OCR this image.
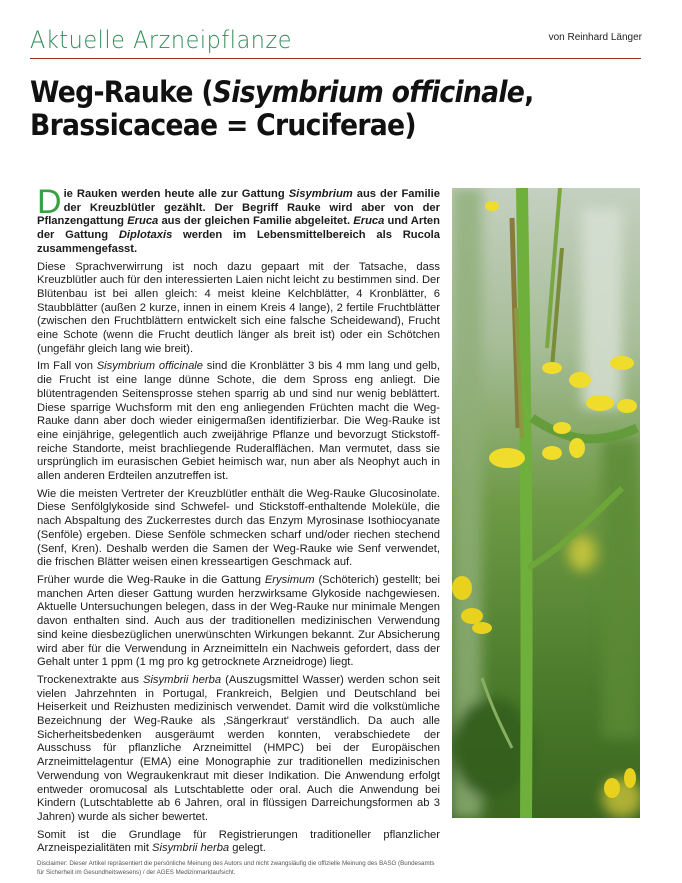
Aktuelle Arzneipflanze	von Reinhard Länger
Weg-Rauke (Sisymbrium officinale,
Brassicaceae = Cruciferae)

Die Rauken werden heute alle zur Gattung Sisymbrium aus der Familie der Kreuzblütler gezählt. Der Begriff Rauke wird aber von der Pflanzengattung Eruca aus der gleichen Familie abgeleitet. Eruca und Arten der Gattung Diplotaxis werden im Lebensmittelbereich als Rucola zusammengefasst.

Diese Sprachverwirrung ist noch dazu gepaart mit der Tatsache, dass Kreuzblütler auch für den interessierten Laien nicht leicht zu bestimmen sind. Der Blütenbau ist bei allen gleich: 4 meist kleine Kelchblätter, 4 Kronblätter, 6 Staubblätter (außen 2 kurze, innen in einem Kreis 4 lange), 2 fertile Fruchtblätter (zwischen den Fruchtblättern entwickelt sich eine falsche Scheidewand), Frucht eine Schote (wenn die Frucht deutlich länger als breit ist) oder ein Schötchen (ungefähr gleich lang wie breit).

Im Fall von Sisymbrium officinale sind die Kronblätter 3 bis 4 mm lang und gelb, die Frucht ist eine lange dünne Schote, die dem Spross eng anliegt. Die blütentragenden Seitensprosse stehen sparrig ab und sind nur wenig beblättert. Diese sparrige Wuchsform mit den eng anliegenden Früchten macht die Weg-Rauke dann aber doch wieder einigermaßen identifizierbar. Die Weg-Rauke ist eine einjährige, gelegentlich auch zweijährige Pflanze und bevorzugt Stickstoff-reiche Standorte, meist brachliegende Ruderalflächen. Man vermutet, dass sie ursprünglich im eurasischen Gebiet heimisch war, nun aber als Neophyt auch in allen anderen Erdteilen anzutreffen ist.

Wie die meisten Vertreter der Kreuzblütler enthält die Weg-Rauke Glucosinolate. Diese Senfölglykoside sind Schwefel- und Stickstoff-enthaltende Moleküle, die nach Abspaltung des Zuckerrestes durch das Enzym Myrosinase Isothiocyanate (Senföle) ergeben. Diese Senföle schmecken scharf und/oder riechen stechend (Senf, Kren). Deshalb werden die Samen der Weg-Rauke wie Senf verwendet, die frischen Blätter weisen einen kresseartigen Geschmack auf.

Früher wurde die Weg-Rauke in die Gattung Erysimum (Schöterich) gestellt; bei manchen Arten dieser Gattung wurden herzwirksame Glykoside nachgewiesen. Aktuelle Untersuchungen belegen, dass in der Weg-Rauke nur minimale Mengen davon enthalten sind. Auch aus der traditionellen medizinischen Verwendung sind keine diesbezüglichen unerwünschten Wirkungen bekannt. Zur Absicherung wird aber für die Verwendung in Arzneimitteln ein Nachweis gefordert, dass der Gehalt unter 1 ppm (1 mg pro kg getrocknete Arzneidroge) liegt.

Trockenextrakte aus Sisymbrii herba (Auszugsmittel Wasser) werden schon seit vielen Jahrzehnten in Portugal, Frankreich, Belgien und Deutschland bei Heiserkeit und Reizhusten medizinisch verwendet. Damit wird die volkstümliche Bezeichnung der Weg-Rauke als ‚Sängerkraut' verständlich. Da auch alle Sicherheitsbedenken ausgeräumt werden konnten, verabschiedete der Ausschuss für pflanzliche Arzneimittel (HMPC) bei der Europäischen Arzneimittelagentur (EMA) eine Monographie zur traditionellen medizinischen Verwendung von Wegraukenkraut mit dieser Indikation. Die Anwendung erfolgt entweder oromucosal als Lutschtablette oder oral. Auch die Anwendung bei Kindern (Lutschtablette ab 6 Jahren, oral in flüssigen Darreichungsformen ab 3 Jahren) wurde als sicher bewertet.

Somit ist die Grundlage für Registrierungen traditioneller pflanzlicher Arzneispezialitäten mit Sisymbrii herba gelegt.

Disclaimer: Dieser Artikel repräsentiert die persönliche Meinung des Autors und nicht zwangsläufig die offizielle Meinung des BASG (Bundesamts für Sicherheit im Gesundheitswesens) / der AGES Medizinmarktaufsicht.
